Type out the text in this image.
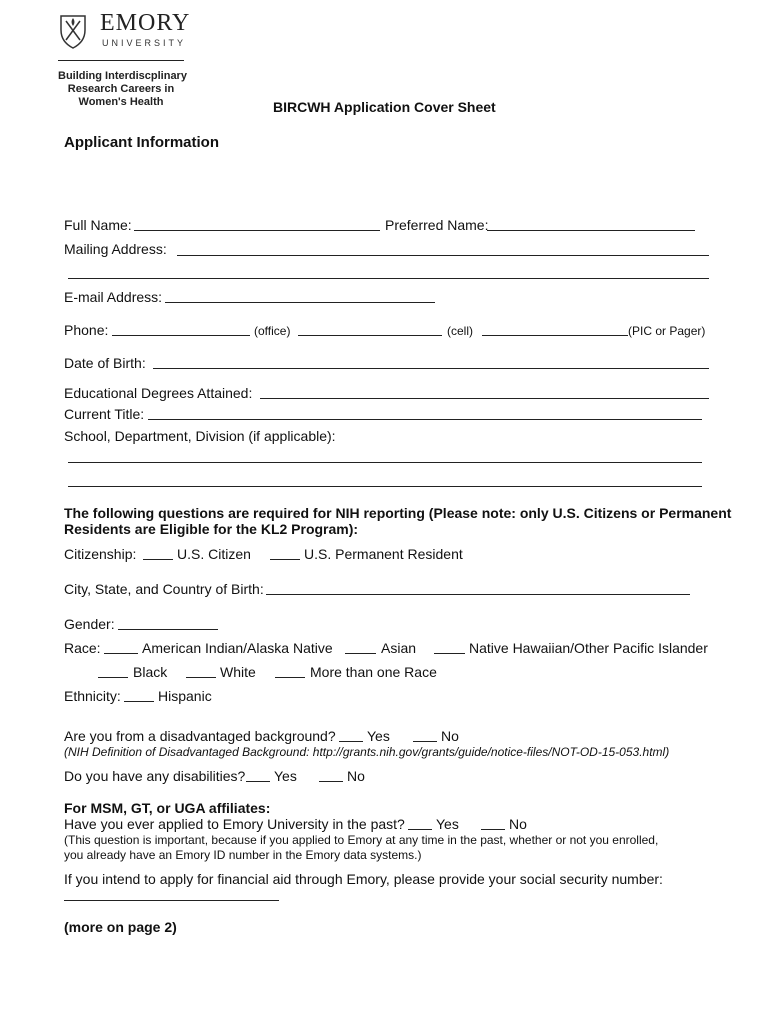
EMORY
UNIVERSITY
Building Interdiscplinary
Research Careers in
Women's Health	BIRCWH Application Cover Sheet
Applicant Information
Full Name:	Preferred Name:
Mailing Address:
E-mail Address:
Phone:	(office)	(cell)	(PIC or Pager)
Date of Birth:
Educational Degrees Attained:
Current Title:
School, Department, Division (if applicable):
The following questions are required for NIH reporting (Please note: only U.S. Citizens or Permanent
Residents are Eligible for the KL2 Program):
Citizenship:	U.S. Citizen	U.S. Permanent Resident
City, State, and Country of Birth:
Gender:
Race:	American Indian/Alaska Native	Asian	Native Hawaiian/Other Pacific Islander
Black	White	More than one Race
Ethnicity:	Hispanic
Are you from a disadvantaged background? Yes	No
(NIH Definition of Disadvantaged Background: http://grants.nih.gov/grants/guide/notice-files/NOT-OD-15-053.html)
Do you have any disabilities? Yes	No
For MSM, GT, or UGA affiliates:
Have you ever applied to Emory University in the past? Yes	No
(This question is important, because if you applied to Emory at any time in the past, whether or not you enrolled,
you already have an Emory ID number in the Emory data systems.)
If you intend to apply for financial aid through Emory, please provide your social security number:
(more on page 2)
